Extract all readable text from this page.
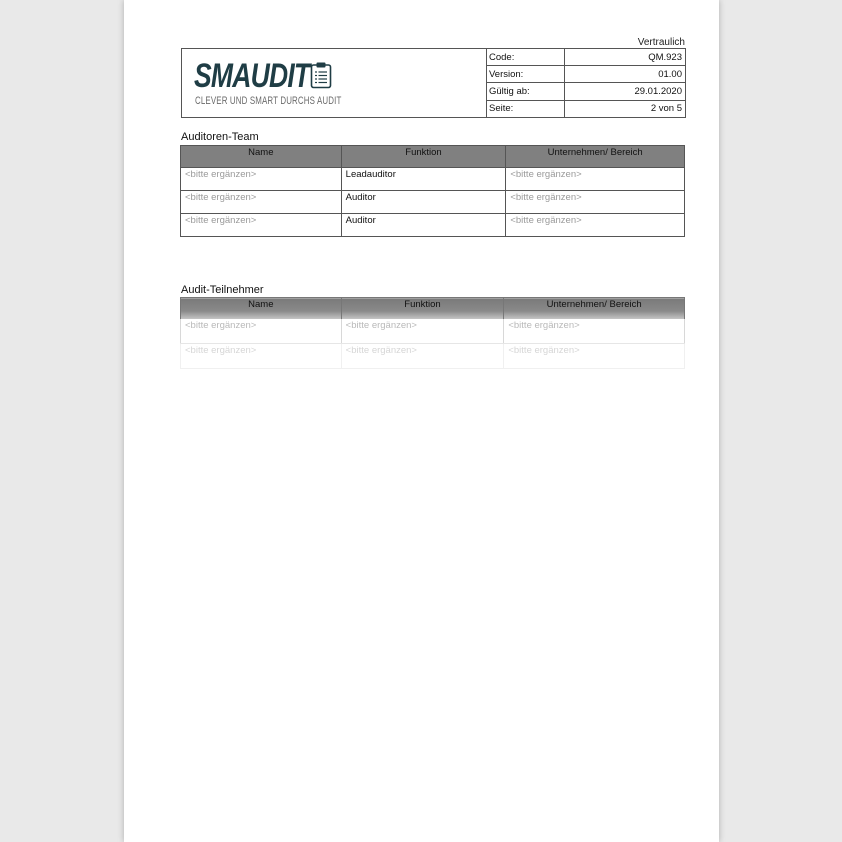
Vertraulich
SMAUDIT
CLEVER UND SMART DURCHS AUDIT
Code:	QM.923
Version:	01.00
Gültig ab:	29.01.2020
Seite:	2 von 5
Auditoren-Team
Name	Funktion	Unternehmen/ Bereich
<bitte ergänzen>	Leadauditor	<bitte ergänzen>
<bitte ergänzen>	Auditor	<bitte ergänzen>
<bitte ergänzen>	Auditor	<bitte ergänzen>
Audit-Teilnehmer
Name	Funktion	Unternehmen/ Bereich
<bitte ergänzen>	<bitte ergänzen>	<bitte ergänzen>
<bitte ergänzen>	<bitte ergänzen>	<bitte ergänzen>
